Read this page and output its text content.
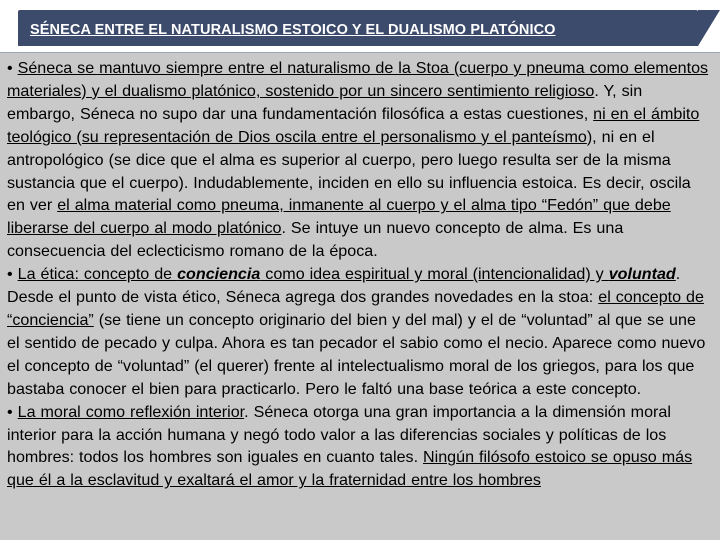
SÉNECA ENTRE EL NATURALISMO ESTOICO Y EL DUALISMO PLATÓNICO

• Séneca se mantuvo siempre entre el naturalismo de la Stoa (cuerpo y pneuma como elementos materiales) y el dualismo platónico, sostenido por un sincero sentimiento religioso. Y, sin embargo, Séneca no supo dar una fundamentación filosófica a estas cuestiones, ni en el ámbito teológico (su representación de Dios oscila entre el personalismo y el panteísmo), ni en el antropológico (se dice que el alma es superior al cuerpo, pero luego resulta ser de la misma sustancia que el cuerpo). Indudablemente, inciden en ello su influencia estoica. Es decir, oscila en ver el alma material como pneuma, inmanente al cuerpo y el alma tipo “Fedón” que debe liberarse del cuerpo al modo platónico. Se intuye un nuevo concepto de alma. Es una consecuencia del eclecticismo romano de la época.

• La ética: concepto de conciencia como idea espiritual y moral (intencionalidad) y voluntad. Desde el punto de vista ético, Séneca agrega dos grandes novedades en la stoa: el concepto de “conciencia” (se tiene un concepto originario del bien y del mal) y el de “voluntad” al que se une el sentido de pecado y culpa. Ahora es tan pecador el sabio como el necio. Aparece como nuevo el concepto de “voluntad” (el querer) frente al intelectualismo moral de los griegos, para los que bastaba conocer el bien para practicarlo. Pero le faltó una base teórica a este concepto.

• La moral como reflexión interior. Séneca otorga una gran importancia a la dimensión moral interior para la acción humana y negó todo valor a las diferencias sociales y políticas de los hombres: todos los hombres son iguales en cuanto tales. Ningún filósofo estoico se opuso más que él a la esclavitud y exaltará el amor y la fraternidad entre los hombres
